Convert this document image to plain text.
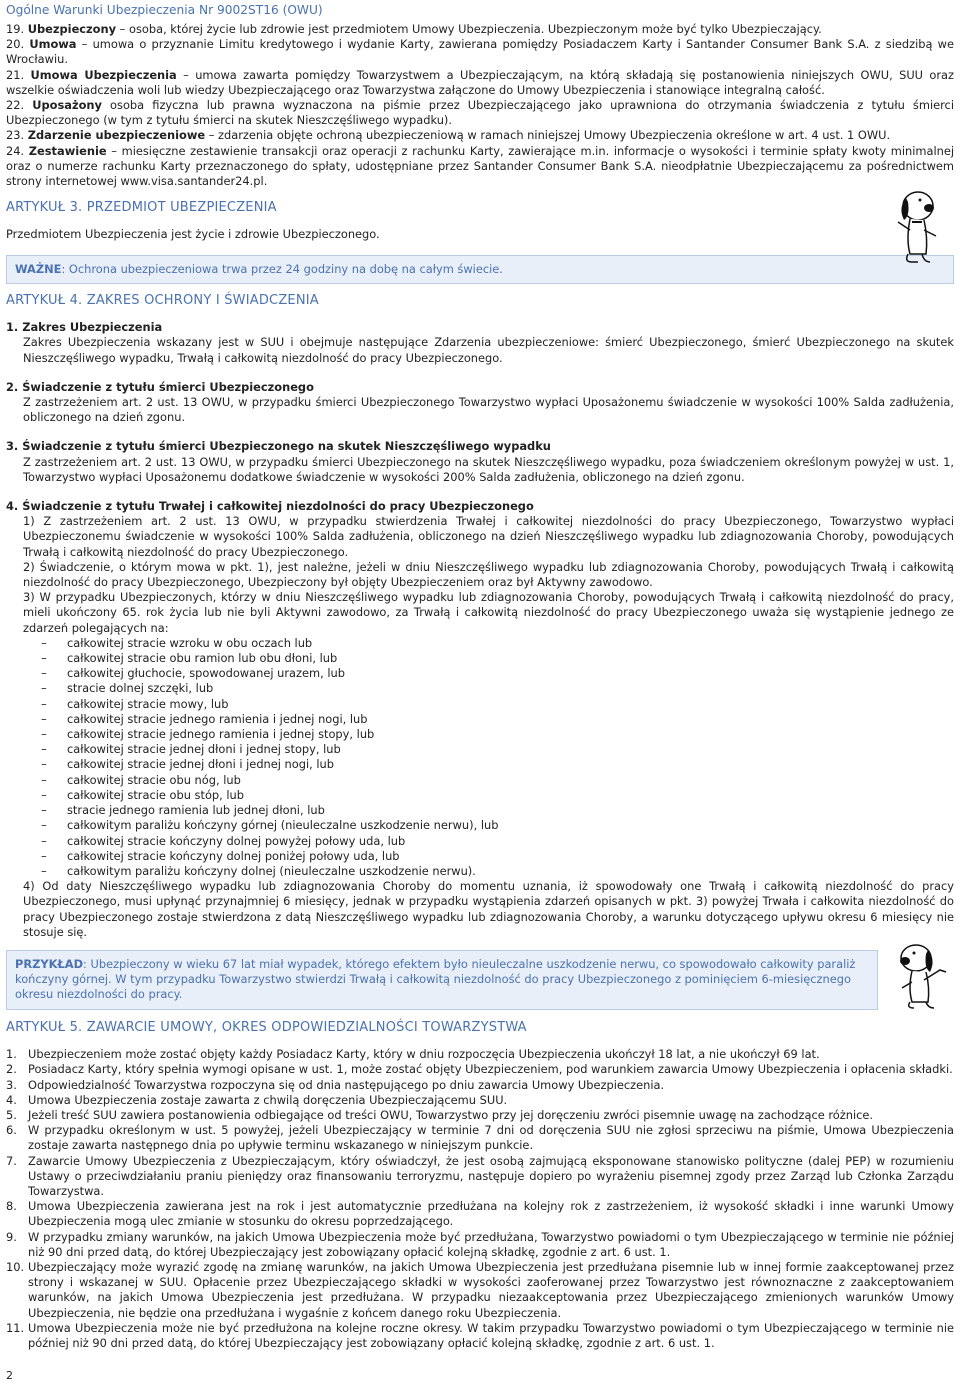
Ogólne Warunki Ubezpieczenia Nr 9002ST16 (OWU)

19. Ubezpieczony – osoba, której życie lub zdrowie jest przedmiotem Umowy Ubezpieczenia. Ubezpieczonym może być tylko Ubezpieczający.

20. Umowa – umowa o przyznanie Limitu kredytowego i wydanie Karty, zawierana pomiędzy Posiadaczem Karty i Santander Consumer Bank S.A. z siedzibą we Wrocławiu.

21. Umowa Ubezpieczenia – umowa zawarta pomiędzy Towarzystwem a Ubezpieczającym, na którą składają się postanowienia niniejszych OWU, SUU oraz wszelkie oświadczenia woli lub wiedzy Ubezpieczającego oraz Towarzystwa załączone do Umowy Ubezpieczenia i stanowiące integralną całość.

22. Uposażony osoba fizyczna lub prawna wyznaczona na piśmie przez Ubezpieczającego jako uprawniona do otrzymania świadczenia z tytułu śmierci Ubezpieczonego (w tym z tytułu śmierci na skutek Nieszczęśliwego wypadku).

23. Zdarzenie ubezpieczeniowe – zdarzenia objęte ochroną ubezpieczeniową w ramach niniejszej Umowy Ubezpieczenia określone w art. 4 ust. 1 OWU.

24. Zestawienie – miesięczne zestawienie transakcji oraz operacji z rachunku Karty, zawierające m.in. informacje o wysokości i terminie spłaty kwoty minimalnej oraz o numerze rachunku Karty przeznaczonego do spłaty, udostępniane przez Santander Consumer Bank S.A. nieodpłatnie Ubezpieczającemu za pośrednictwem strony internetowej www.visa.santander24.pl.

ARTYKUŁ 3. PRZEDMIOT UBEZPIECZENIA

Przedmiotem Ubezpieczenia jest życie i zdrowie Ubezpieczonego.

WAŻNE: Ochrona ubezpieczeniowa trwa przez 24 godziny na dobę na całym świecie.

ARTYKUŁ 4. ZAKRES OCHRONY I ŚWIADCZENIA

1. Zakres Ubezpieczenia

Zakres Ubezpieczenia wskazany jest w SUU i obejmuje następujące Zdarzenia ubezpieczeniowe: śmierć Ubezpieczonego, śmierć Ubezpieczonego na skutek Nieszczęśliwego wypadku, Trwałą i całkowitą niezdolność do pracy Ubezpieczonego.

2. Świadczenie z tytułu śmierci Ubezpieczonego

Z zastrzeżeniem art. 2 ust. 13 OWU, w przypadku śmierci Ubezpieczonego Towarzystwo wypłaci Uposażonemu świadczenie w wysokości 100% Salda zadłużenia, obliczonego na dzień zgonu.

3. Świadczenie z tytułu śmierci Ubezpieczonego na skutek Nieszczęśliwego wypadku

Z zastrzeżeniem art. 2 ust. 13 OWU, w przypadku śmierci Ubezpieczonego na skutek Nieszczęśliwego wypadku, poza świadczeniem określonym powyżej w ust. 1, Towarzystwo wypłaci Uposażonemu dodatkowe świadczenie w wysokości 200% Salda zadłużenia, obliczonego na dzień zgonu.

4. Świadczenie z tytułu Trwałej i całkowitej niezdolności do pracy Ubezpieczonego

1) Z zastrzeżeniem art. 2 ust. 13 OWU, w przypadku stwierdzenia Trwałej i całkowitej niezdolności do pracy Ubezpieczonego, Towarzystwo wypłaci Ubezpieczonemu świadczenie w wysokości 100% Salda zadłużenia, obliczonego na dzień Nieszczęśliwego wypadku lub zdiagnozowania Choroby, powodujących Trwałą i całkowitą niezdolność do pracy Ubezpieczonego.

2) Świadczenie, o którym mowa w pkt. 1), jest należne, jeżeli w dniu Nieszczęśliwego wypadku lub zdiagnozowania Choroby, powodujących Trwałą i całkowitą niezdolność do pracy Ubezpieczonego, Ubezpieczony był objęty Ubezpieczeniem oraz był Aktywny zawodowo.

3) W przypadku Ubezpieczonych, którzy w dniu Nieszczęśliwego wypadku lub zdiagnozowania Choroby, powodujących Trwałą i całkowitą niezdolność do pracy, mieli ukończony 65. rok życia lub nie byli Aktywni zawodowo, za Trwałą i całkowitą niezdolność do pracy Ubezpieczonego uważa się wystąpienie jednego ze zdarzeń polegających na:

– całkowitej stracie wzroku w obu oczach lub
– całkowitej stracie obu ramion lub obu dłoni, lub
– całkowitej głuchocie, spowodowanej urazem, lub
– stracie dolnej szczęki, lub
– całkowitej stracie mowy, lub
– całkowitej stracie jednego ramienia i jednej nogi, lub
– całkowitej stracie jednego ramienia i jednej stopy, lub
– całkowitej stracie jednej dłoni i jednej stopy, lub
– całkowitej stracie jednej dłoni i jednej nogi, lub
– całkowitej stracie obu nóg, lub
– całkowitej stracie obu stóp, lub
– stracie jednego ramienia lub jednej dłoni, lub
– całkowitym paraliżu kończyny górnej (nieuleczalne uszkodzenie nerwu), lub
– całkowitej stracie kończyny dolnej powyżej połowy uda, lub
– całkowitej stracie kończyny dolnej poniżej połowy uda, lub
– całkowitym paraliżu kończyny dolnej (nieuleczalne uszkodzenie nerwu).

4) Od daty Nieszczęśliwego wypadku lub zdiagnozowania Choroby do momentu uznania, iż spowodowały one Trwałą i całkowitą niezdolność do pracy Ubezpieczonego, musi upłynąć przynajmniej 6 miesięcy, jednak w przypadku wystąpienia zdarzeń opisanych w pkt. 3) powyżej Trwała i całkowita niezdolność do pracy Ubezpieczonego zostaje stwierdzona z datą Nieszczęśliwego wypadku lub zdiagnozowania Choroby, a warunku dotyczącego upływu okresu 6 miesięcy nie stosuje się.

PRZYKŁAD: Ubezpieczony w wieku 67 lat miał wypadek, którego efektem było nieuleczalne uszkodzenie nerwu, co spowodowało całkowity paraliż kończyny górnej. W tym przypadku Towarzystwo stwierdzi Trwałą i całkowitą niezdolność do pracy Ubezpieczonego z pominięciem 6-miesięcznego okresu niezdolności do pracy.

ARTYKUŁ 5. ZAWARCIE UMOWY, OKRES ODPOWIEDZIALNOŚCI TOWARZYSTWA

1. Ubezpieczeniem może zostać objęty każdy Posiadacz Karty, który w dniu rozpoczęcia Ubezpieczenia ukończył 18 lat, a nie ukończył 69 lat.
2. Posiadacz Karty, który spełnia wymogi opisane w ust. 1, może zostać objęty Ubezpieczeniem, pod warunkiem zawarcia Umowy Ubezpieczenia i opłacenia składki.
3. Odpowiedzialność Towarzystwa rozpoczyna się od dnia następującego po dniu zawarcia Umowy Ubezpieczenia.
4. Umowa Ubezpieczenia zostaje zawarta z chwilą doręczenia Ubezpieczającemu SUU.
5. Jeżeli treść SUU zawiera postanowienia odbiegające od treści OWU, Towarzystwo przy jej doręczeniu zwróci pisemnie uwagę na zachodzące różnice.
6. W przypadku określonym w ust. 5 powyżej, jeżeli Ubezpieczający w terminie 7 dni od doręczenia SUU nie zgłosi sprzeciwu na piśmie, Umowa Ubezpieczenia zostaje zawarta następnego dnia po upływie terminu wskazanego w niniejszym punkcie.
7. Zawarcie Umowy Ubezpieczenia z Ubezpieczającym, który oświadczył, że jest osobą zajmującą eksponowane stanowisko polityczne (dalej PEP) w rozumieniu Ustawy o przeciwdziałaniu praniu pieniędzy oraz finansowaniu terroryzmu, następuje dopiero po wyrażeniu pisemnej zgody przez Zarząd lub Członka Zarządu Towarzystwa.
8. Umowa Ubezpieczenia zawierana jest na rok i jest automatycznie przedłużana na kolejny rok z zastrzeżeniem, iż wysokość składki i inne warunki Umowy Ubezpieczenia mogą ulec zmianie w stosunku do okresu poprzedzającego.
9. W przypadku zmiany warunków, na jakich Umowa Ubezpieczenia może być przedłużana, Towarzystwo powiadomi o tym Ubezpieczającego w terminie nie później niż 90 dni przed datą, do której Ubezpieczający jest zobowiązany opłacić kolejną składkę, zgodnie z art. 6 ust. 1.
10. Ubezpieczający może wyrazić zgodę na zmianę warunków, na jakich Umowa Ubezpieczenia jest przedłużana pisemnie lub w innej formie zaakceptowanej przez strony i wskazanej w SUU. Opłacenie przez Ubezpieczającego składki w wysokości zaoferowanej przez Towarzystwo jest równoznaczne z zaakceptowaniem warunków, na jakich Umowa Ubezpieczenia jest przedłużana. W przypadku niezaakceptowania przez Ubezpieczającego zmienionych warunków Umowy Ubezpieczenia, nie będzie ona przedłużana i wygaśnie z końcem danego roku Ubezpieczenia.
11. Umowa Ubezpieczenia może nie być przedłużona na kolejne roczne okresy. W takim przypadku Towarzystwo powiadomi o tym Ubezpieczającego w terminie nie później niż 90 dni przed datą, do której Ubezpieczający jest zobowiązany opłacić kolejną składkę, zgodnie z art. 6 ust. 1.
2
